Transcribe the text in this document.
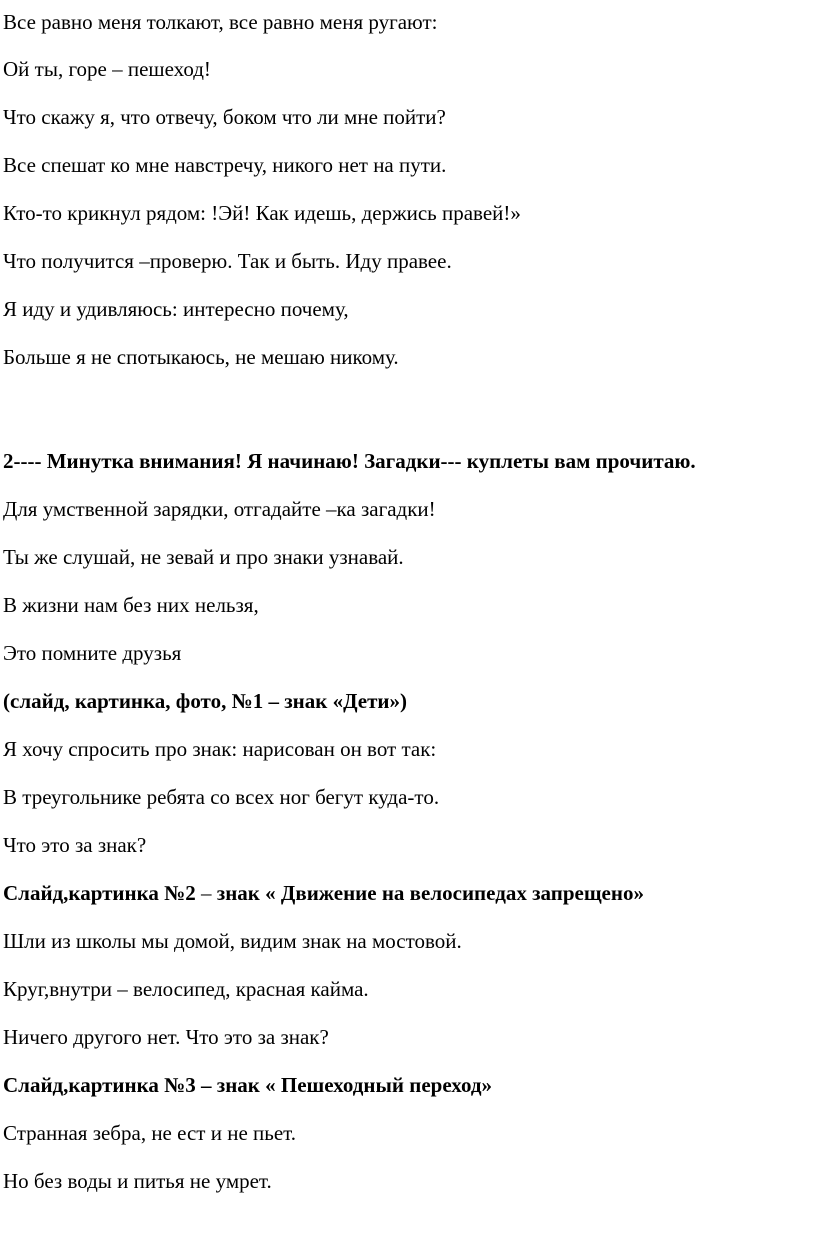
Все равно меня толкают, все равно меня ругают:

Ой ты, горе – пешеход!

Что скажу я, что отвечу, боком что ли мне пойти?

Все спешат ко мне навстречу, никого нет на пути.

Кто-то крикнул рядом: !Эй! Как идешь, держись правей!»

Что получится –проверю. Так и быть. Иду правее.

Я иду и удивляюсь: интересно почему,

Больше я не спотыкаюсь, не мешаю никому.

2---- Минутка внимания! Я начинаю! Загадки--- куплеты вам прочитаю.

Для умственной зарядки, отгадайте –ка загадки!

Ты же слушай, не зевай и про знаки узнавай.

В жизни нам без них нельзя,

Это помните друзья

(слайд, картинка, фото, №1 – знак «Дети»)

Я хочу спросить про знак: нарисован он вот так:

В треугольнике ребята со всех ног бегут куда-то.

Что это за знак?

Слайд,картинка №2 – знак « Движение на велосипедах запрещено»

Шли из школы мы домой, видим знак на мостовой.

Круг,внутри – велосипед, красная кайма.

Ничего другого нет. Что это за знак?

Слайд,картинка №3 – знак « Пешеходный переход»

Странная зебра, не ест и не пьет.

Но без воды и питья не умрет.
